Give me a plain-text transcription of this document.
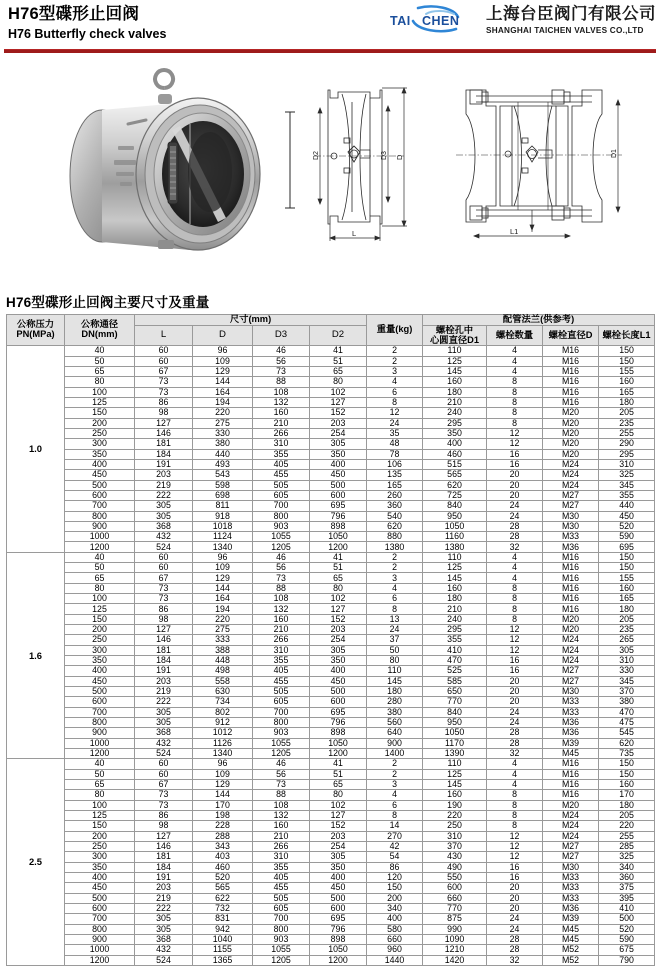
H76型碟形止回阀
H76 Butterfly check valves
TAI CHEN 上海台臣阀门有限公司
SHANGHAI TAICHEN VALVES CO.,LTD
D2	D3 D
L
D1
L1
H76型碟形止回阀主要尺寸及重量
公称压力
PN(MPa)

公称通径
DN(mm)
	尺寸(mm)	重量(kg)	配管法兰(供参考)
		L	D	D3	D2		螺栓孔中
心圆直径D1	螺栓数量	螺栓直径D	螺栓长度L1
1.0	40	60	96	46	41	2	110	4	M16	150
	50	60	109	56	51	2	125	4	M16	150
	65	67	129	73	65	3	145	4	M16	155
	80	73	144	88	80	4	160	8	M16	160
	100	73	164	108	102	6	180	8	M16	165
	125	86	194	132	127	8	210	8	M16	180
	150	98	220	160	152	12	240	8	M20	205
	200	127	275	210	203	24	295	8	M20	235
	250	146	330	266	254	35	350	12	M20	255
	300	181	380	310	305	48	400	12	M20	290
	350	184	440	355	350	78	460	16	M20	295
	400	191	493	405	400	106	515	16	M24	310
	450	203	543	455	450	135	565	20	M24	325
	500	219	598	505	500	165	620	20	M24	345
	600	222	698	605	600	260	725	20	M27	355
	700	305	811	700	695	360	840	24	M27	440
	800	305	918	800	796	540	950	24	M30	450
	900	368	1018	903	898	620	1050	28	M30	520
	1000	432	1124	1055	1050	880	1160	28	M33	590
	1200	524	1340	1205	1200	1380	1380	32	M36	695
1.6	40	60	96	46	41	2	110	4	M16	150
	50	60	109	56	51	2	125	4	M16	150
	65	67	129	73	65	3	145	4	M16	155
	80	73	144	88	80	4	160	8	M16	160
	100	73	164	108	102	6	180	8	M16	165
	125	86	194	132	127	8	210	8	M16	180
	150	98	220	160	152	13	240	8	M20	205
	200	127	275	210	203	24	295	12	M20	235
	250	146	333	266	254	37	355	12	M24	265
	300	181	388	310	305	50	410	12	M24	305
	350	184	448	355	350	80	470	16	M24	310
	400	191	498	405	400	110	525	16	M27	330
	450	203	558	455	450	145	585	20	M27	345
	500	219	630	505	500	180	650	20	M30	370
	600	222	734	605	600	280	770	20	M33	380
	700	305	802	700	695	380	840	24	M33	470
	800	305	912	800	796	560	950	24	M36	475
	900	368	1012	903	898	640	1050	28	M36	545
	1000	432	1126	1055	1050	900	1170	28	M39	620
	1200	524	1340	1205	1200	1400	1390	32	M45	735
2.5	40	60	96	46	41	2	110	4	M16	150
	50	60	109	56	51	2	125	4	M16	150
	65	67	129	73	65	3	145	4	M16	160
	80	73	144	88	80	4	160	8	M16	170
	100	73	170	108	102	6	190	8	M20	180
	125	86	198	132	127	8	220	8	M24	205
	150	98	228	160	152	14	250	8	M24	220
	200	127	288	210	203	270	310	12	M24	255
	250	146	343	266	254	42	370	12	M27	285
	300	181	403	310	305	54	430	12	M27	325
	350	184	460	355	350	86	490	16	M30	340
	400	191	520	405	400	120	550	16	M33	360
	450	203	565	455	450	150	600	20	M33	375
	500	219	622	505	500	200	660	20	M33	395
	600	222	732	605	600	340	770	20	M36	410
	700	305	831	700	695	400	875	24	M39	500
	800	305	942	800	796	580	990	24	M45	520
	900	368	1040	903	898	660	1090	28	M45	590
	1000	432	1155	1055	1050	960	1210	28	M52	675
	1200	524	1365	1205	1200	1440	1420	32	M52	790
